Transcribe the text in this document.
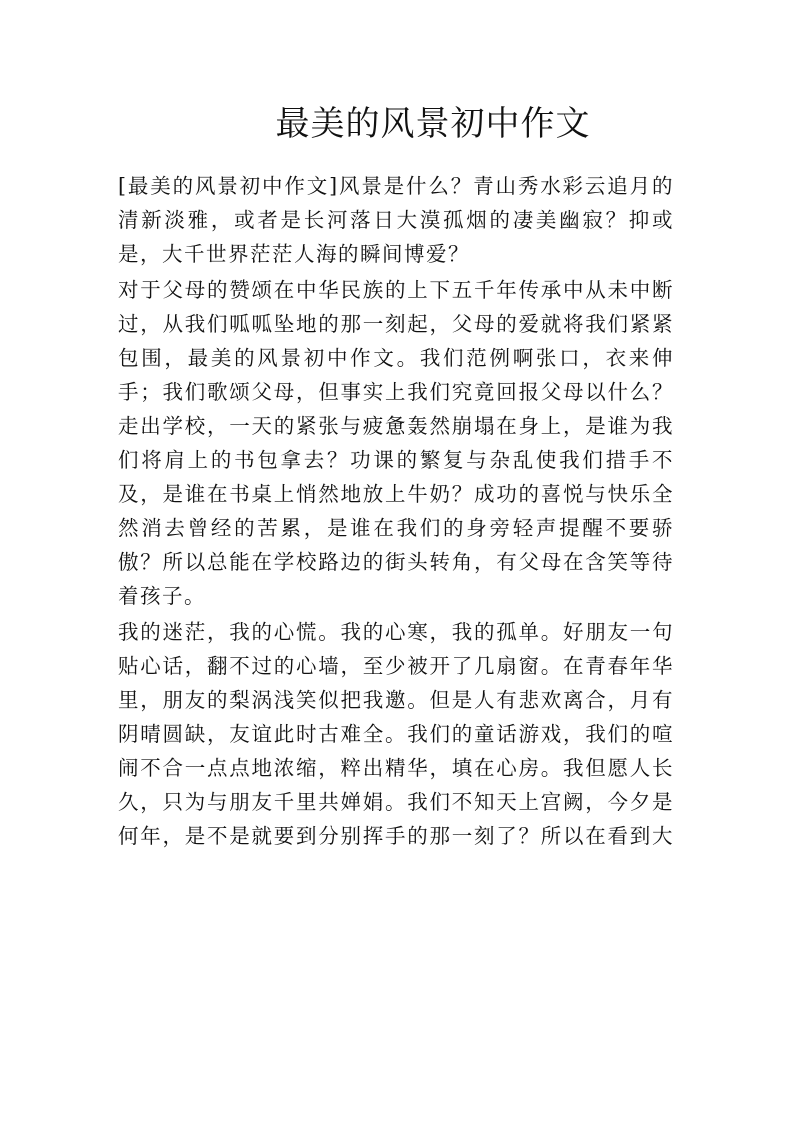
最美的风景初中作文
[最美的风景初中作文]风景是什么？青山秀水彩云追月的
清新淡雅，或者是长河落日大漠孤烟的凄美幽寂？抑或
是，大千世界茫茫人海的瞬间博爱？
对于父母的赞颂在中华民族的上下五千年传承中从未中断
过，从我们呱呱坠地的那一刻起，父母的爱就将我们紧紧
包围，最美的风景初中作文。我们范例啊张口，衣来伸
手；我们歌颂父母，但事实上我们究竟回报父母以什么？
走出学校，一天的紧张与疲惫轰然崩塌在身上，是谁为我
们将肩上的书包拿去？功课的繁复与杂乱使我们措手不
及，是谁在书桌上悄然地放上牛奶？成功的喜悦与快乐全
然消去曾经的苦累，是谁在我们的身旁轻声提醒不要骄
傲？所以总能在学校路边的街头转角，有父母在含笑等待
着孩子。
我的迷茫，我的心慌。我的心寒，我的孤单。好朋友一句
贴心话，翻不过的心墙，至少被开了几扇窗。在青春年华
里，朋友的梨涡浅笑似把我邀。但是人有悲欢离合，月有
阴晴圆缺，友谊此时古难全。我们的童话游戏，我们的喧
闹不合一点点地浓缩，粹出精华，填在心房。我但愿人长
久，只为与朋友千里共婵娟。我们不知天上宫阙，今夕是
何年，是不是就要到分别挥手的那一刻了？所以在看到大
